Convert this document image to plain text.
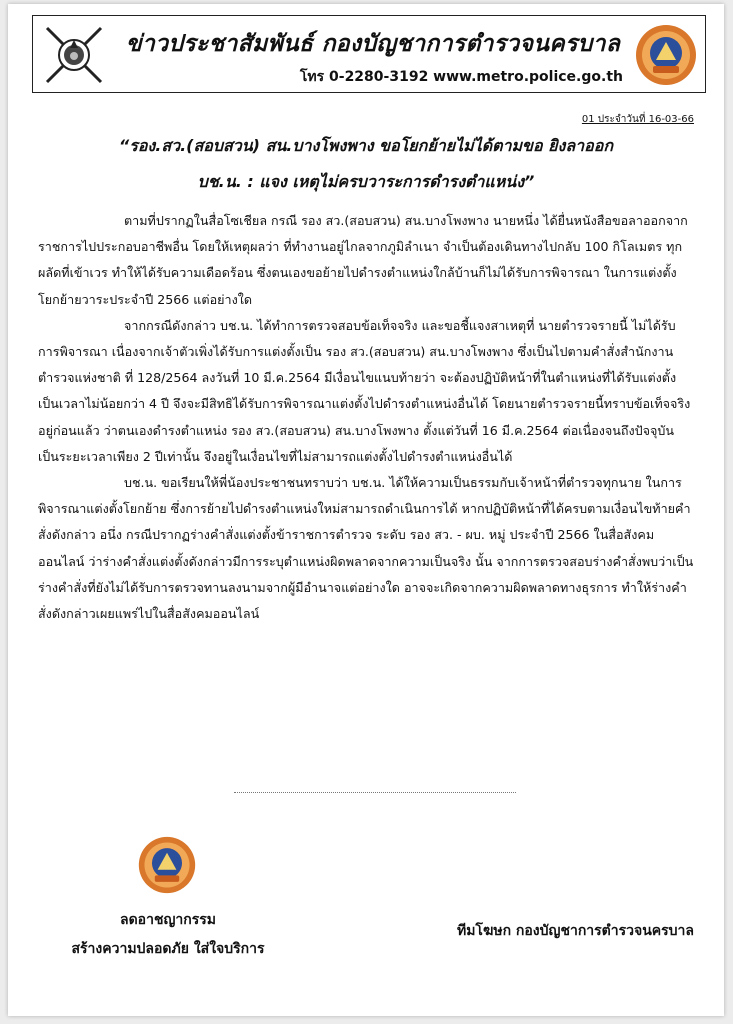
ข่าวประชาสัมพันธ์ กองบัญชาการตำรวจนครบาล
โทร 0-2280-3192 www.metro.police.go.th
01 ประจำวันที่ 16-03-66
“รอง.สว.(สอบสวน) สน.บางโพงพาง ขอโยกย้ายไม่ได้ตามขอ ยิงลาออก
บช.น. : แจง เหตุไม่ครบวาระการดำรงตำแหน่ง”

ตามที่ปรากฏในสื่อโซเชียล กรณี รอง สว.(สอบสวน) สน.บางโพงพาง นายหนึ่ง ได้ยื่นหนังสือขอลาออกจากราชการไปประกอบอาชีพอื่น โดยให้เหตุผลว่า ที่ทำงานอยู่ไกลจากภูมิลำเนา จำเป็นต้องเดินทางไปกลับ 100 กิโลเมตร ทุกผลัดที่เข้าเวร ทำให้ได้รับความเดือดร้อน ซึ่งตนเองขอย้ายไปดำรงตำแหน่งใกล้บ้านก็ไม่ได้รับการพิจารณา ในการแต่งตั้งโยกย้ายวาระประจำปี 2566 แต่อย่างใด

จากกรณีดังกล่าว บช.น. ได้ทำการตรวจสอบข้อเท็จจริง และขอชี้แจงสาเหตุที่ นายตำรวจรายนี้ ไม่ได้รับการพิจารณา เนื่องจากเจ้าตัวเพิ่งได้รับการแต่งตั้งเป็น รอง สว.(สอบสวน) สน.บางโพงพาง ซึ่งเป็นไปตามคำสั่งสำนักงานตำรวจแห่งชาติ ที่ 128/2564 ลงวันที่ 10 มี.ค.2564 มีเงื่อนไขแนบท้ายว่า จะต้องปฏิบัติหน้าที่ในตำแหน่งที่ได้รับแต่งตั้งเป็นเวลาไม่น้อยกว่า 4 ปี จึงจะมีสิทธิได้รับการพิจารณาแต่งตั้งไปดำรงตำแหน่งอื่นได้ โดยนายตำรวจรายนี้ทราบข้อเท็จจริงอยู่ก่อนแล้ว ว่าตนเองดำรงตำแหน่ง รอง สว.(สอบสวน) สน.บางโพงพาง ตั้งแต่วันที่ 16 มี.ค.2564 ต่อเนื่องจนถึงปัจจุบัน เป็นระยะเวลาเพียง 2 ปีเท่านั้น จึงอยู่ในเงื่อนไขที่ไม่สามารถแต่งตั้งไปดำรงตำแหน่งอื่นได้

บช.น. ขอเรียนให้พี่น้องประชาชนทราบว่า บช.น. ได้ให้ความเป็นธรรมกับเจ้าหน้าที่ตำรวจทุกนาย ในการพิจารณาแต่งตั้งโยกย้าย ซึ่งการย้ายไปดำรงตำแหน่งใหม่สามารถดำเนินการได้ หากปฏิบัติหน้าที่ได้ครบตามเงื่อนไขท้ายคำสั่งดังกล่าว อนึ่ง กรณีปรากฏร่างคำสั่งแต่งตั้งข้าราชการตำรวจ ระดับ รอง สว. - ผบ. หมู่ ประจำปี 2566 ในสื่อสังคมออนไลน์ ว่าร่างคำสั่งแต่งตั้งดังกล่าวมีการระบุตำแหน่งผิดพลาดจากความเป็นจริง นั้น จากการตรวจสอบร่างคำสั่งพบว่าเป็นร่างคำสั่งที่ยังไม่ได้รับการตรวจทานลงนามจากผู้มีอำนาจแต่อย่างใด อาจจะเกิดจากความผิดพลาดทางธุรการ ทำให้ร่างคำสั่งดังกล่าวเผยแพร่ไปในสื่อสังคมออนไลน์

ลดอาชญากรรม
สร้างความปลอดภัย ใส่ใจบริการ
ทีมโฆษก กองบัญชาการตำรวจนครบาล
